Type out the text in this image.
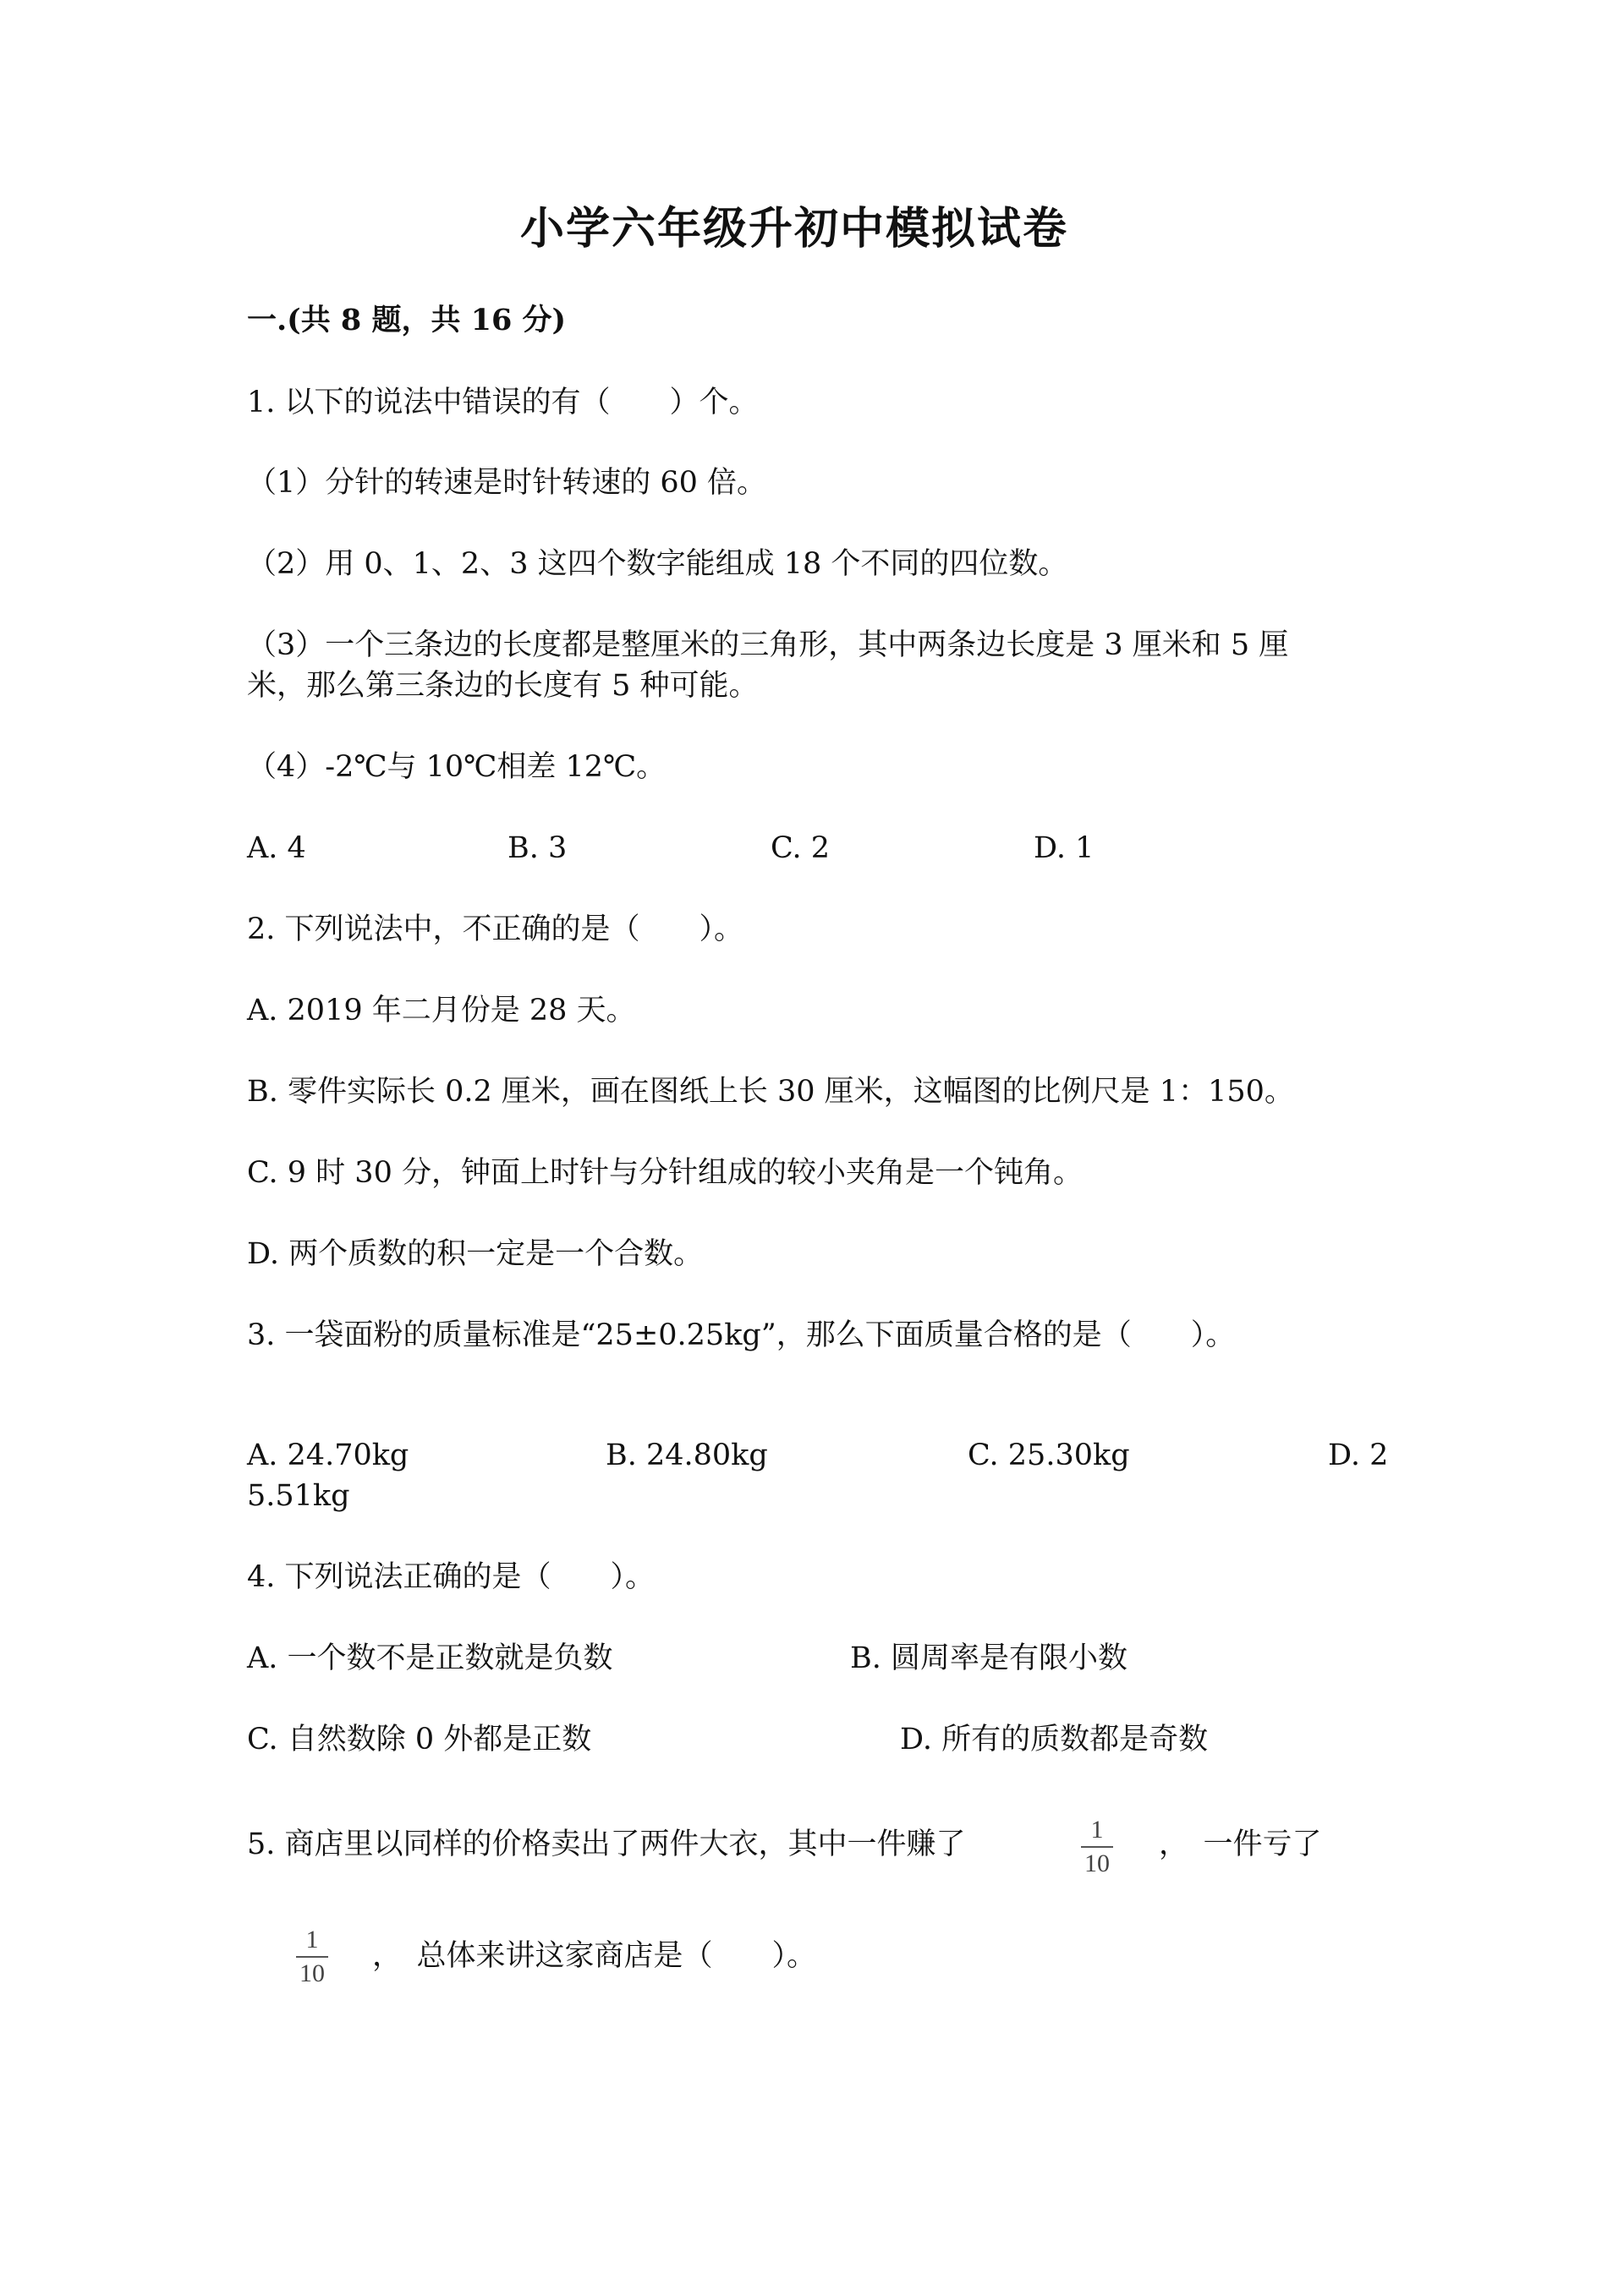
小学六年级升初中模拟试卷

一.(共 8 题，共 16 分)

1. 以下的说法中错误的有（　　）个。

（1）分针的转速是时针转速的 60 倍。

（2）用 0、1、2、3 这四个数字能组成 18 个不同的四位数。

（3）一个三条边的长度都是整厘米的三角形，其中两条边长度是 3 厘米和 5 厘

米，那么第三条边的长度有 5 种可能。

（4）-2℃与 10℃相差 12℃。

A. 4	B. 3	C. 2	D. 1

2. 下列说法中，不正确的是（　　）。

A. 2019 年二月份是 28 天。

B. 零件实际长 0.2 厘米，画在图纸上长 30 厘米，这幅图的比例尺是 1：150。

C. 9 时 30 分，钟面上时针与分针组成的较小夹角是一个钝角。

D. 两个质数的积一定是一个合数。

3. 一袋面粉的质量标准是“25±0.25kg”，那么下面质量合格的是（　　）。

A. 24.70kg	B. 24.80kg	C. 25.30kg	D. 2

5.51kg

4. 下列说法正确的是（　　）。

A. 一个数不是正数就是负数	B. 圆周率是有限小数

C. 自然数除 0 外都是正数	D. 所有的质数都是奇数

5. 商店里以同样的价格卖出了两件大衣，其中一件赚了	1
10

，　一件亏了

1
10 ，　总体来讲这家商店是（　　）。
